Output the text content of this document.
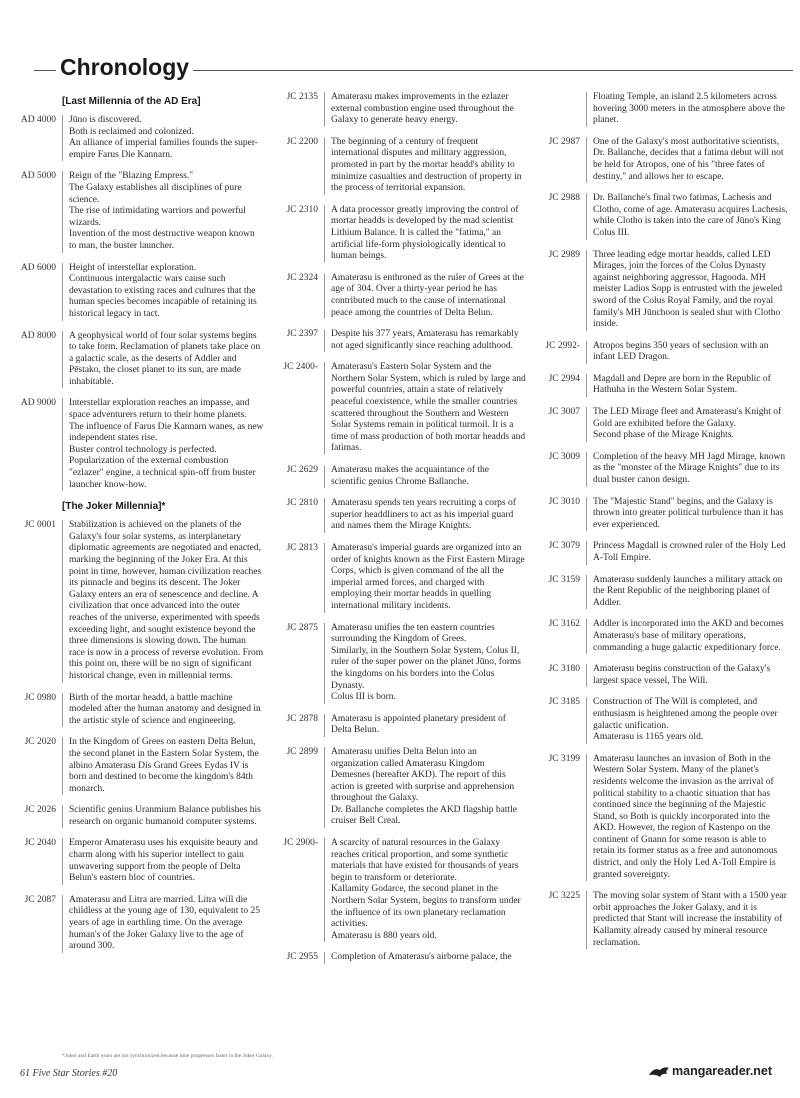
Chronology
[Last Millennia of the AD Era]
AD 4000	Jūno is discovered.

Both is reclaimed and colonized.

An alliance of imperial families founds the super-empire Farus Die Kannarn.

AD 5000	Reign of the "Blazing Empress."

The Galaxy establishes all disciplines of pure science.

The rise of intimidating warriors and powerful wizards.

Invention of the most destructive weapon known to man, the buster launcher.

AD 6000	Height of interstellar exploration.

Continuous intergalactic wars cause such devastation to existing races and cultures that the human species becomes incapable of retaining its historical legacy in tact.

AD 8000	A geophysical world of four solar systems begins to take form. Reclamation of planets take place on a galactic scale, as the deserts of Addler and Pēstako, the closet planet to its sun, are made inhabitable.

AD 9000	Interstellar exploration reaches an impasse, and space adventurers return to their home planets.

The influence of Farus Die Kannarn wanes, as new independent states rise.

Buster control technology is perfected.

Popularization of the external combustion "ezlazer" engine, a technical spin-off from buster launcher know-how.

[The Joker Millennia]*
JC 0001	Stabilization is achieved on the planets of the Galaxy's four solar systems, as interplanetary diplomatic agreements are negotiated and enacted, marking the beginning of the Joker Era. At this point in time, however, human civilization reaches its pinnacle and begins its descent. The Joker Galaxy enters an era of senescence and decline. A civilization that once advanced into the outer reaches of the universe, experimented with speeds exceeding light, and sought existence beyond the three dimensions is slowing down. The human race is now in a process of reverse evolution. From this point on, there will be no sign of significant historical change, even in millennial terms.

JC 0980	Birth of the mortar headd, a battle machine modeled after the human anatomy and designed in the artistic style of science and engineering.

JC 2020	In the Kingdom of Grees on eastern Delta Belun, the second planet in the Eastern Solar System, the albino Amaterasu Dis Grand Grees Eydas IV is born and destined to become the kingdom's 84th monarch.

JC 2026	Scientific genius Uranmium Balance publishes his research on organic humanoid computer systems.

JC 2040	Emperor Amaterasu uses his exquisite beauty and charm along with his superior intellect to gain unwavering support from the people of Delta Belun's eastern bloc of countries.

JC 2087	Amaterasu and Litra are married. Litra will die childless at the young age of 130, equivalent to 25 years of age in earthling time. On the average human's of the Joker Galaxy live to the age of around 300.

JC 2135	Amaterasu makes improvements in the ezlazer external combustion engine used throughout the Galaxy to generate heavy energy.

JC 2200	The beginning of a century of frequent international disputes and military aggression, promoted in part by the mortar headd's ability to minimize casualties and destruction of property in the process of territorial expansion.

JC 2310	A data processor greatly improving the control of mortar headds is developed by the mad scientist Lithium Balance. It is called the "fatima," an artificial life-form physiologically identical to human beings.

JC 2324	Amaterasu is enthroned as the ruler of Grees at the age of 304. Over a thirty-year period he has contributed much to the cause of international peace among the countries of Delta Belun.

JC 2397	Despite his 377 years, Amaterasu has remarkably not aged significantly since reaching adulthood.

JC 2400-	Amaterasu's Eastern Solar System and the Northern Solar System, which is ruled by large and powerful countries, attain a state of relatively peaceful coexistence, while the smaller countries scattered throughout the Southern and Western Solar Systems remain in political turmoil. It is a time of mass production of both mortar headds and fatimas.

JC 2629	Amaterasu makes the acquaintance of the scientific genius Chrome Ballanche.

JC 2810	Amaterasu spends ten years recruiting a corps of superior headdliners to act as his imperial guard and names them the Mirage Knights.

JC 2813	Amaterasu's imperial guards are organized into an order of knights known as the First Eastern Mirage Corps, which is given command of the all the imperial armed forces, and charged with employing their mortar headds in quelling international military incidents.

JC 2875	Amaterasu unifies the ten eastern countries surrounding the Kingdom of Grees.

Similarly, in the Southern Solar System, Colus II, ruler of the super power on the planet Jūno, forms the kingdoms on his borders into the Colus Dynasty.

Colus III is born.

JC 2878	Amaterasu is appointed planetary president of Delta Belun.

JC 2899	Amaterasu unifies Delta Belun into an organization called Amaterasu Kingdom Demesnes (hereafter AKD). The report of this action is greeted with surprise and apprehension throughout the Galaxy.

Dr. Ballanche completes the AKD flagship battle cruiser Bell Creal.

JC 2900-	A scarcity of natural resources in the Galaxy reaches critical proportion, and some synthetic materials that have existed for thousands of years begin to transform or deteriorate.

Kallamity Godarce, the second planet in the Northern Solar System, begins to transform under the influence of its own planetary reclamation activities.

Amaterasu is 880 years old.

JC 2955	Completion of Amaterasu's airborne palace, the

Floating Temple, an island 2.5 kilometers across hovering 3000 meters in the atmosphere above the planet.

JC 2987	One of the Galaxy's most authoritative scientists, Dr. Ballanche, decides that a fatima debut will not be held for Atropos, one of his "three fates of destiny," and allows her to escape.

JC 2988	Dr. Ballanche's final two fatimas, Lachesis and Clotho, come of age. Amaterasu acquires Lachesis, while Clotho is taken into the care of Jūno's King Colus III.

JC 2989	Three leading edge mortar headds, called LED Mirages, join the forces of the Colus Dynasty against neighboring aggressor, Hagooda. MH meister Ladios Sopp is entrusted with the jeweled sword of the Colus Royal Family, and the royal family's MH Jūnchoon is sealed shut with Clotho inside.

JC 2992-	Atropos begins 350 years of seclusion with an infant LED Dragon.

JC 2994	Magdall and Depre are born in the Republic of Hathuha in the Western Solar System.

JC 3007	The LED Mirage fleet and Amaterasu's Knight of Gold are exhibited before the Galaxy.

Second phase of the Mirage Knights.

JC 3009	Completion of the heavy MH Jagd Mirage, known as the "monster of the Mirage Knights" due to its dual buster canon design.

JC 3010	The "Majestic Stand" begins, and the Galaxy is thrown into greater political turbulence than it has ever experienced.

JC 3079	Princess Magdall is crowned ruler of the Holy Led A-Toll Empire.

JC 3159	Amaterasu suddenly launches a military attack on the Rent Republic of the neighboring planet of Addler.

JC 3162	Addler is incorporated into the AKD and becomes Amaterasu's base of military operations, commanding a huge galactic expeditionary force.

JC 3180	Amaterasu begins construction of the Galaxy's largest space vessel, The Will.

JC 3185	Construction of The Will is completed, and enthusiasm is heightened among the people over galactic unification.

Amaterasu is 1165 years old.

JC 3199	Amaterasu launches an invasion of Both in the Western Solar System. Many of the planet's residents welcome the invasion as the arrival of political stability to a chaotic situation that has continued since the beginning of the Majestic Stand, so Both is quickly incorporated into the AKD. However, the region of Kastenpo on the continent of Gnann for some reason is able to retain its former status as a free and autonomous district, and only the Holy Led A-Toll Empire is granted sovereignty.

JC 3225	The moving solar system of Stant with a 1500 year orbit approaches the Joker Galaxy, and it is predicted that Stant will increase the instability of Kallamity already caused by mineral resource reclamation.

*Joker and Earth years are not synchronized because time progresses faster in the Joker Galaxy.
61 Five Star Stories #20	mangareader.net
